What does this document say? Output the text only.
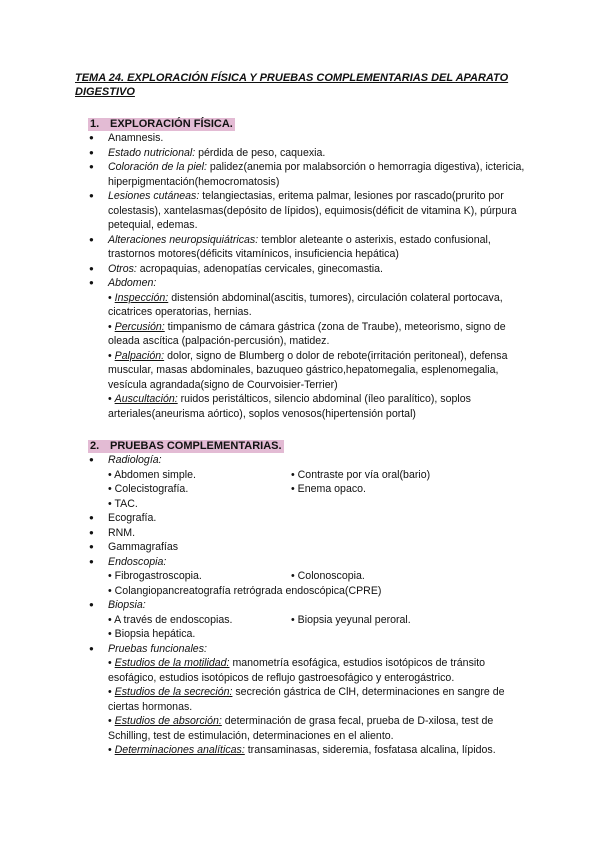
TEMA 24. EXPLORACIÓN FÍSICA Y PRUEBAS COMPLEMENTARIAS DEL APARATO DIGESTIVO
1. EXPLORACIÓN FÍSICA.
● Anamnesis.
● Estado nutricional: pérdida de peso, caquexia.
● Coloración de la piel: palidez(anemia por malabsorción o hemorragia digestiva), ictericia, hiperpigmentación(hemocromatosis)
● Lesiones cutáneas: telangiectasias, eritema palmar, lesiones por rascado(prurito por colestasis), xantelasmas(depósito de lípidos), equimosis(déficit de vitamina K), púrpura petequial, edemas.
● Alteraciones neuropsiquiátricas: temblor aleteante o asterixis, estado confusional, trastornos motores(déficits vitamínicos, insuficiencia hepática)
● Otros: acropaquias, adenopatías cervicales, ginecomastia.
● Abdomen:
• Inspección: distensión abdominal(ascitis, tumores), circulación colateral portocava, cicatrices operatorias, hernias.
• Percusión: timpanismo de cámara gástrica (zona de Traube), meteorismo, signo de oleada ascítica (palpación-percusión), matidez.
• Palpación: dolor, signo de Blumberg o dolor de rebote(irritación peritoneal), defensa muscular, masas abdominales, bazuqueo gástrico,hepatomegalia, esplenomegalia, vesícula agrandada(signo de Courvoisier-Terrier)
• Auscultación: ruidos peristálticos, silencio abdominal (íleo paralítico), soplos arteriales(aneurisma aórtico), soplos venosos(hipertensión portal)
2. PRUEBAS COMPLEMENTARIAS.
● Radiología:
• Abdomen simple.	• Contraste por vía oral(bario)
• Colecistografía.	• Enema opaco.
• TAC.
● Ecografía.
● RNM.
● Gammagrafías
● Endoscopia:
• Fibrogastroscopia.	• Colonoscopia.
• Colangiopancreatografía retrógrada endoscópica(CPRE)
● Biopsia:
• A través de endoscopias.	• Biopsia yeyunal peroral.
• Biopsia hepática.
● Pruebas funcionales:
• Estudios de la motilidad: manometría esofágica, estudios isotópicos de tránsito esofágico, estudios isotópicos de reflujo gastroesofágico y enterogástrico.
• Estudios de la secreción: secreción gástrica de ClH, determinaciones en sangre de ciertas hormonas.
• Estudios de absorción: determinación de grasa fecal, prueba de D-xilosa, test de Schilling, test de estimulación, determinaciones en el aliento.
• Determinaciones analíticas: transaminasas, sideremia, fosfatasa alcalina, lípidos.
